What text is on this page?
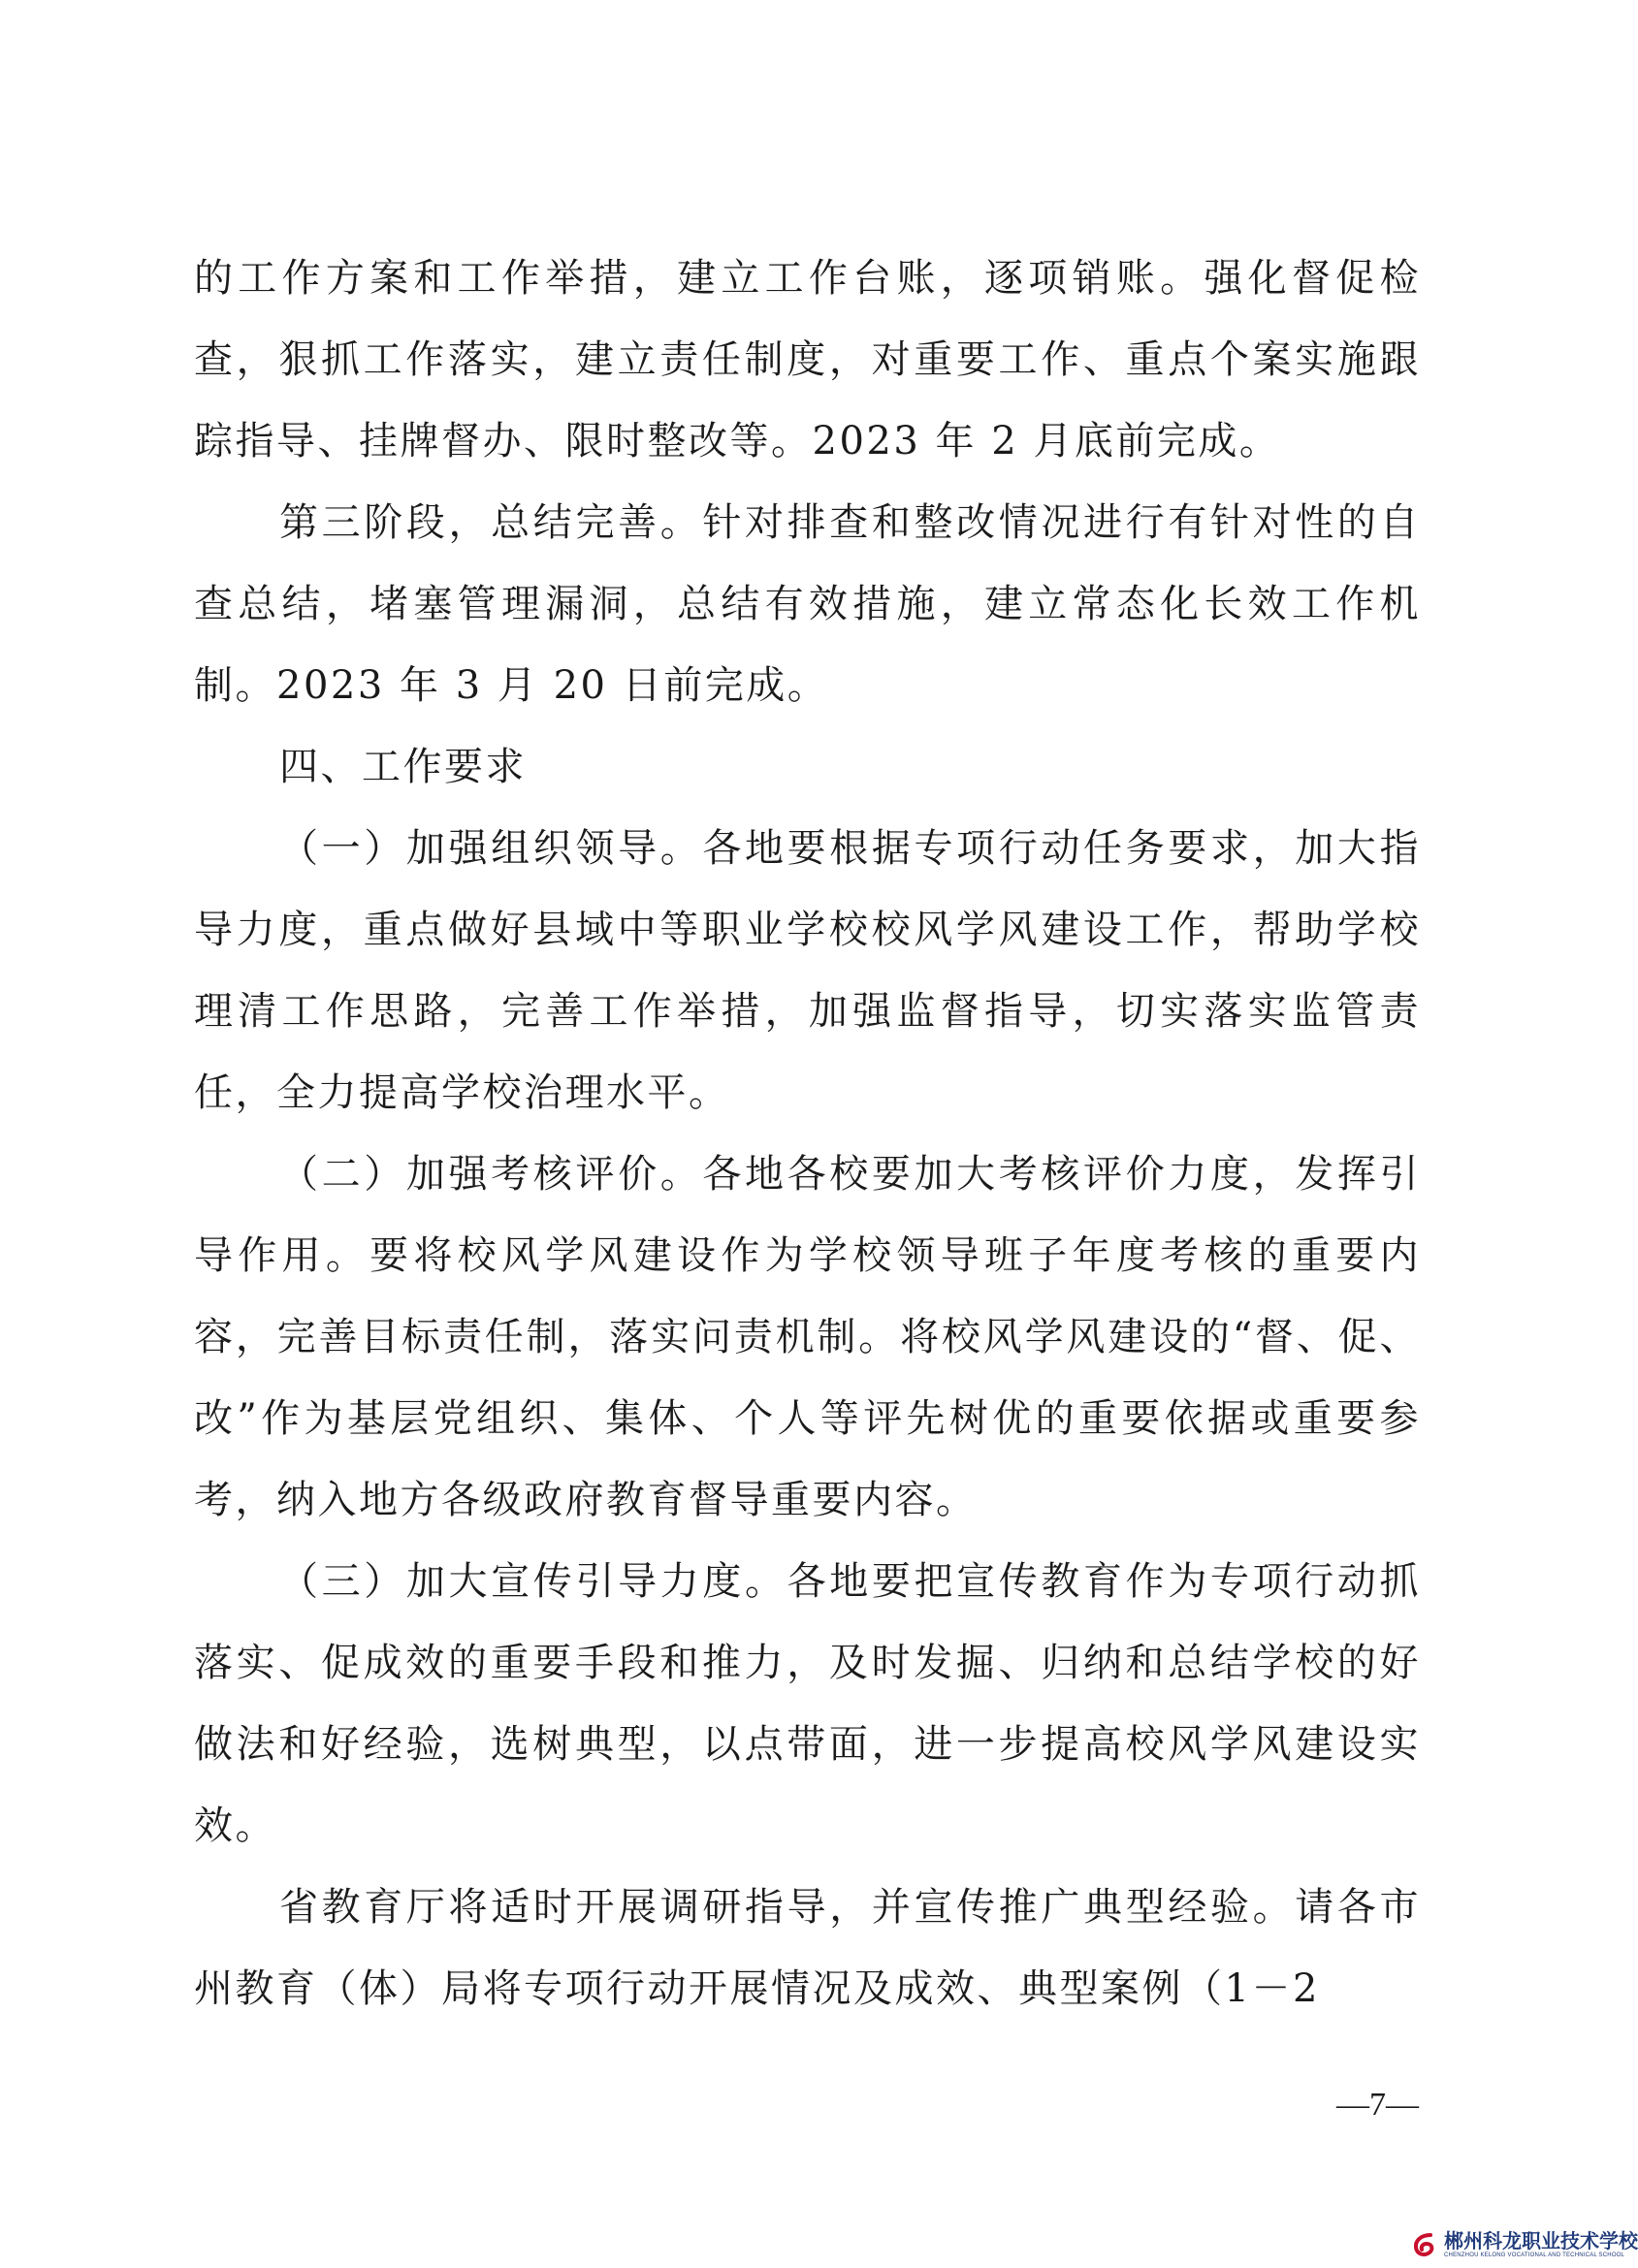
的工作方案和工作举措，建立工作台账，逐项销账。强化督促检查，狠抓工作落实，建立责任制度，对重要工作、重点个案实施跟踪指导、挂牌督办、限时整改等。2023 年 2 月底前完成。

第三阶段，总结完善。针对排查和整改情况进行有针对性的自查总结，堵塞管理漏洞，总结有效措施，建立常态化长效工作机制。2023 年 3 月 20 日前完成。

四、工作要求

（一）加强组织领导。各地要根据专项行动任务要求，加大指导力度，重点做好县域中等职业学校校风学风建设工作，帮助学校理清工作思路，完善工作举措，加强监督指导，切实落实监管责任，全力提高学校治理水平。

（二）加强考核评价。各地各校要加大考核评价力度，发挥引导作用。要将校风学风建设作为学校领导班子年度考核的重要内容，完善目标责任制，落实问责机制。将校风学风建设的“督、促、改”作为基层党组织、集体、个人等评先树优的重要依据或重要参考，纳入地方各级政府教育督导重要内容。

（三）加大宣传引导力度。各地要把宣传教育作为专项行动抓落实、促成效的重要手段和推力，及时发掘、归纳和总结学校的好做法和好经验，选树典型，以点带面，进一步提高校风学风建设实效。

省教育厅将适时开展调研指导，并宣传推广典型经验。请各市州教育（体）局将专项行动开展情况及成效、典型案例（1－2

—7—
郴州科龙职业技术学校
CHENZHOU KELONG VOCATIONAL AND TECHNICAL SCHOOL
